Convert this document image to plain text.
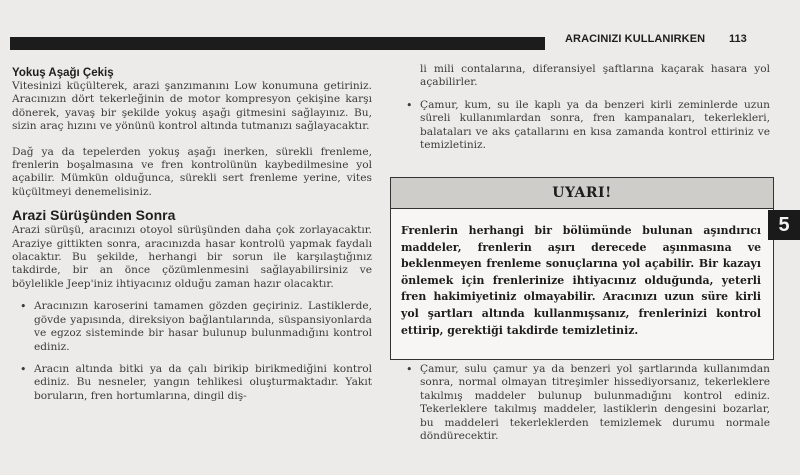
ARACINIZI KULLANIRKEN 113
Yokuş Aşağı Çekiş

Vitesinizi küçülterek, arazi şanzımanını Low konumuna getiriniz. Aracınızın dört tekerleğinin de motor kompresyon çekişine karşı dönerek, yavaş bir şekilde yokuş aşağı gitmesini sağlayınız. Bu, sizin araç hızını ve yönünü kontrol altında tutmanızı sağlayacaktır.

Dağ ya da tepelerden yokuş aşağı inerken, sürekli frenleme, frenlerin boşalmasına ve fren kontrolünün kaybedilmesine yol açabilir. Mümkün olduğunca, sürekli sert frenleme yerine, vites küçültmeyi denemelisiniz.

Arazi Sürüşünden Sonra

Arazi sürüşü, aracınızı otoyol sürüşünden daha çok zorlayacaktır. Araziye gittikten sonra, aracınızda hasar kontrolü yapmak faydalı olacaktır. Bu şekilde, herhangi bir sorun ile karşılaştığınız takdirde, bir an önce çözümlenmesini sağlayabilirsiniz ve böylelikle Jeep'iniz ihtiyacınız olduğu zaman hazır olacaktır.

• Aracınızın karoserini tamamen gözden geçiriniz. Lastiklerde, gövde yapısında, direksiyon bağlantılarında, süspansiyonlarda ve egzoz sisteminde bir hasar bulunup bulunmadığını kontrol ediniz.
• Aracın altında bitki ya da çalı birikip birikmediğini kontrol ediniz. Bu nesneler, yangın tehlikesi oluşturmaktadır. Yakıt boruların, fren hortumlarına, dingil diş-
li mili contalarına, diferansiyel şaftlarına kaçarak hasara yol açabilirler.
• Çamur, kum, su ile kaplı ya da benzeri kirli zeminlerde uzun süreli kullanımlardan sonra, fren kampanaları, tekerlekleri, balataları ve aks çatallarını en kısa zamanda kontrol ettiriniz ve temizletiniz.
UYARI!
Frenlerin herhangi bir bölümünde bulunan aşındırıcı maddeler, frenlerin aşırı derecede aşınmasına ve beklenmeyen frenleme sonuçlarına yol açabilir. Bir kazayı önlemek için frenlerinize ihtiyacınız olduğunda, yeterli fren hakimiyetiniz olmayabilir. Aracınızı uzun süre kirli yol şartları altında kullanmışsanız, frenlerinizi kontrol ettirip, gerektiği takdirde temizletiniz.
5
• Çamur, sulu çamur ya da benzeri yol şartlarında kullanımdan sonra, normal olmayan titreşimler hissediyorsanız, tekerleklere takılmış maddeler bulunup bulunmadığını kontrol ediniz. Tekerleklere takılmış maddeler, lastiklerin dengesini bozarlar, bu maddeleri tekerleklerden temizlemek durumu normale döndürecektir.
